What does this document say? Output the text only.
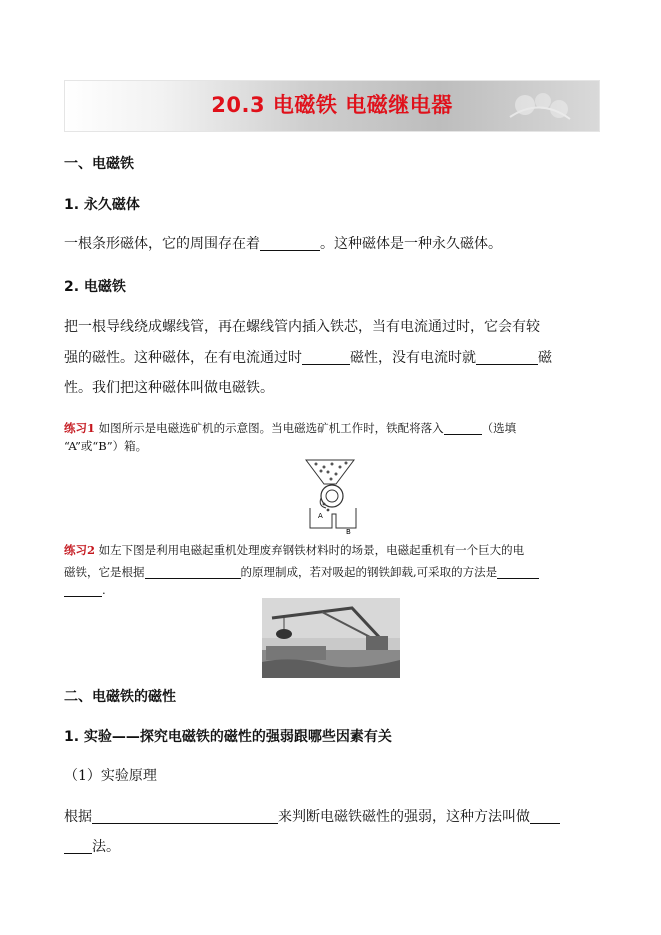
20.3 电磁铁 电磁继电器
一、电磁铁
1. 永久磁体
一根条形磁体，它的周围存在着	。这种磁体是一种永久磁体。
2. 电磁铁
把一根导线绕成螺线管，再在螺线管内插入铁芯，当有电流通过时，它会有较
强的磁性。这种磁体，在有电流通过时	磁性，没有电流时就	磁
性。我们把这种磁体叫做电磁铁。
练习1 如图所示是电磁选矿机的示意图。当电磁选矿机工作时，铁配将落入	（选填
“A”或“B”）箱。
A
B
练习2 如左下图是利用电磁起重机处理废弃钢铁材料时的场景，电磁起重机有一个巨大的电
磁铁，它是根据	的原理制成，若对吸起的钢铁卸载,可采取的方法是
.
二、电磁铁的磁性
1. 实验——探究电磁铁的磁性的强弱跟哪些因素有关
（1）实验原理
根据	来判断电磁铁磁性的强弱，这种方法叫做
法。
